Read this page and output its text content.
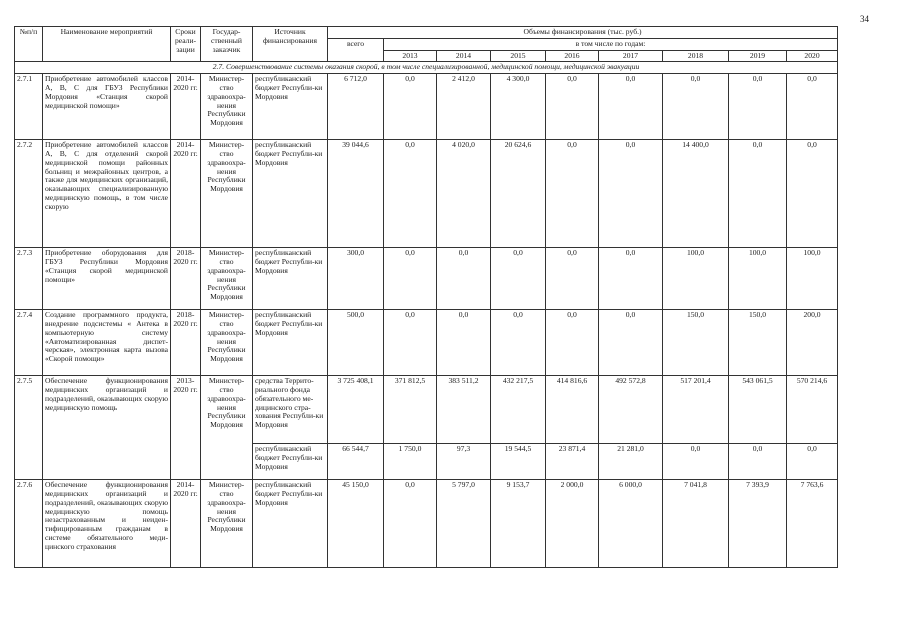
34
№п/п	Наименование мероприятий	Сроки реали-зации	Государ-ственный заказчик	Источник финансирования	Объемы финансирования (тыс. руб.)								
					всего	в том числе по годам:							
						2013	2014	2015	2016	2017	2018	2019	2020
2.7. Совершенствование системы оказания скорой, в том числе специализированной, медицинской помощи, медицинской эвакуации													
2.7.1	Приобретение автомобилей классов А, В, С для ГБУЗ Республики Мордовия «Станция скорой медицинской помощи»	2014-2020 гг.	Министер-ство здравоохра-нения Республики Мордовия	республиканский бюджет Республи-ки Мордовия	6 712,0	0,0	2 412,0	4 300,0	0,0	0,0	0,0	0,0	0,0
2.7.2	Приобретение автомобилей классов А, В, С для отделений скорой медицинской помощи районных больниц и межрайонных центров, а также для медицинских организаций, оказывающих специализированную медицинскую помощь, в том числе скорую	2014-2020 гг.	Министер-ство здравоохра-нения Республики Мордовия	республиканский бюджет Республи-ки Мордовия	39 044,6	0,0	4 020,0	20 624,6	0,0	0,0	14 400,0	0,0	0,0
2.7.3	Приобретение оборудования для ГБУЗ Республики Мордовия «Станция скорой медицинской помощи»	2018-2020 гг.	Министер-ство здравоохра-нения Республики Мордовия	республиканский бюджет Республи-ки Мордовия	300,0	0,0	0,0	0,0	0,0	0,0	100,0	100,0	100,0
2.7.4	Создание программного продукта, внедрение подсистемы « Антека в компьютерную систему «Автоматизированная диспет-черская», электронная карта вызова «Скорой помощи»	2018-2020 гг.	Министер-ство здравоохра-нения Республики Мордовия	республиканский бюджет Республи-ки Мордовия	500,0	0,0	0,0	0,0	0,0	0,0	150,0	150,0	200,0
2.7.5	Обеспечение функционирования медицинских организаций и подразделений, оказывающих скорую медицинскую помощь	2013-2020 гг.	Министер-ство здравоохра-нения Республики Мордовия	средства Террито-риального фонда обязательного ме-дицинского стра-хования Республи-ки Мордовия	3 725 408,1	371 812,5	383 511,2	432 217,5	414 816,6	492 572,8	517 201,4	543 061,5	570 214,6
				республиканский бюджет Республи-ки Мордовия	66 544,7	1 750,0	97,3	19 544,5	23 871,4	21 281,0	0,0	0,0	0,0
2.7.6	Обеспечение функционирования медицинских организаций и подразделений, оказывающих скорую медицинскую помощь незастрахованным и неиден-тифицированным гражданам в системе обязательного меди-цинского страхования	2014-2020 гг.	Министер-ство здравоохра-нения Республики Мордовия	республиканский бюджет Республи-ки Мордовия	45 150,0	0,0	5 797,0	9 153,7	2 000,0	6 000,0	7 041,8	7 393,9	7 763,6
